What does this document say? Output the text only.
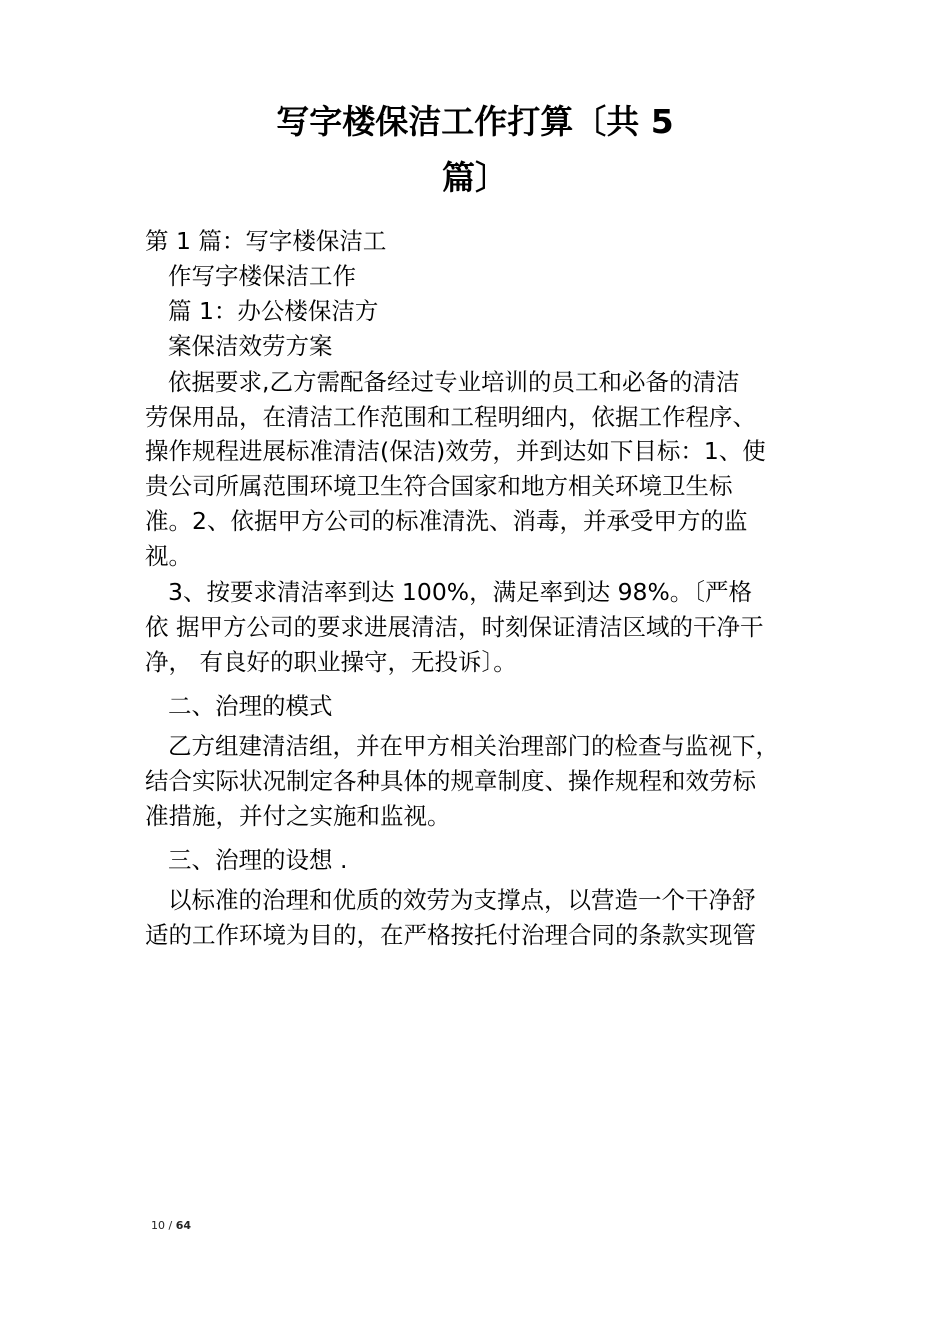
写字楼保洁工作打算〔共 5
篇〕

第 1 篇：写字楼保洁工

作写字楼保洁工作

篇 1：办公楼保洁方

案保洁效劳方案

依据要求,乙方需配备经过专业培训的员工和必备的清洁

劳保用品，在清洁工作范围和工程明细内，依据工作程序、

操作规程进展标准清洁(保洁)效劳，并到达如下目标：1、使

贵公司所属范围环境卫生符合国家和地方相关环境卫生标

准。2、依据甲方公司的标准清洗、消毒，并承受甲方的监

视。

3、按要求清洁率到达 100%，满足率到达 98%。〔严格

依 据甲方公司的要求进展清洁，时刻保证清洁区域的干净干

净， 有良好的职业操守，无投诉〕。

二、治理的模式

乙方组建清洁组，并在甲方相关治理部门的检查与监视下，

结合实际状况制定各种具体的规章制度、操作规程和效劳标

准措施，并付之实施和监视。

三、治理的设想 .

以标准的治理和优质的效劳为支撑点，以营造一个干净舒

适的工作环境为目的，在严格按托付治理合同的条款实现管

10 / 64
